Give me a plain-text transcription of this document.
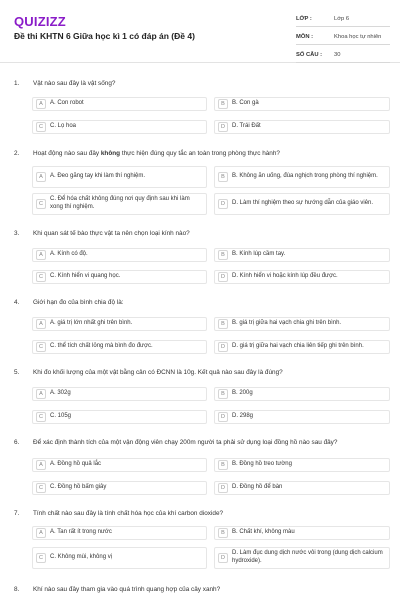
QUIZIZZ
Đề thi KHTN 6 Giữa học kì 1 có đáp án (Đề 4)
LỚP :	Lớp 6
MÔN :	Khoa học tự nhiên
SỐ CÂU :	30
1.	Vật nào sau đây là vật sống?
A	A. Con robot	B	B. Con gà
C	C. Lọ hoa	D	D. Trái Đất
2.	Hoạt động nào sau đây không thực hiện đúng quy tắc an toàn trong phòng thực hành?
A	A. Đeo găng tay khi làm thí nghiệm.	B	B. Không ăn uống, đùa nghịch trong phòng thí nghiệm.
C
C. Để hóa chất không đúng nơi quy định sau khi làm xong thí nghiệm.	D	D. Làm thí nghiệm theo sự hướng dẫn của giáo viên.
3.	Khi quan sát tế bào thực vật ta nên chọn loại kính nào?
A	A. Kính có độ.	B	B. Kính lúp cầm tay.
C	C. Kính hiển vi quang học.	D	D. Kính hiển vi hoặc kính lúp đều được.
4.	Giới hạn đo của bình chia độ là:
A	A. giá trị lớn nhất ghi trên bình.	B	B. giá trị giữa hai vạch chia ghi trên bình.
C	C. thể tích chất lỏng mà bình đo được.	D	D. giá trị giữa hai vạch chia liên tiếp ghi trên bình.
5.	Khi đo khối lượng của một vật bằng cân có ĐCNN là 10g. Kết quả nào sau đây là đúng?
A	A. 302g	B	B. 200g
C	C. 105g	D	D. 298g
6.	Để xác định thành tích của một vận động viên chạy 200m người ta phải sử dụng loại đồng hồ nào sau đây?
A	A. Đồng hồ quả lắc	B	B. Đồng hồ treo tường
C	C. Đồng hồ bấm giây	D	D. Đồng hồ để bàn
7.	Tính chất nào sau đây là tính chất hóa học của khí carbon dioxide?
A	A. Tan rất ít trong nước	B	B. Chất khí, không màu
C	C. Không mùi, không vị	D
D. Làm đục dung dịch nước vôi trong (dung dịch calcium hydroxide).
8.	Khí nào sau đây tham gia vào quá trình quang hợp của cây xanh?
